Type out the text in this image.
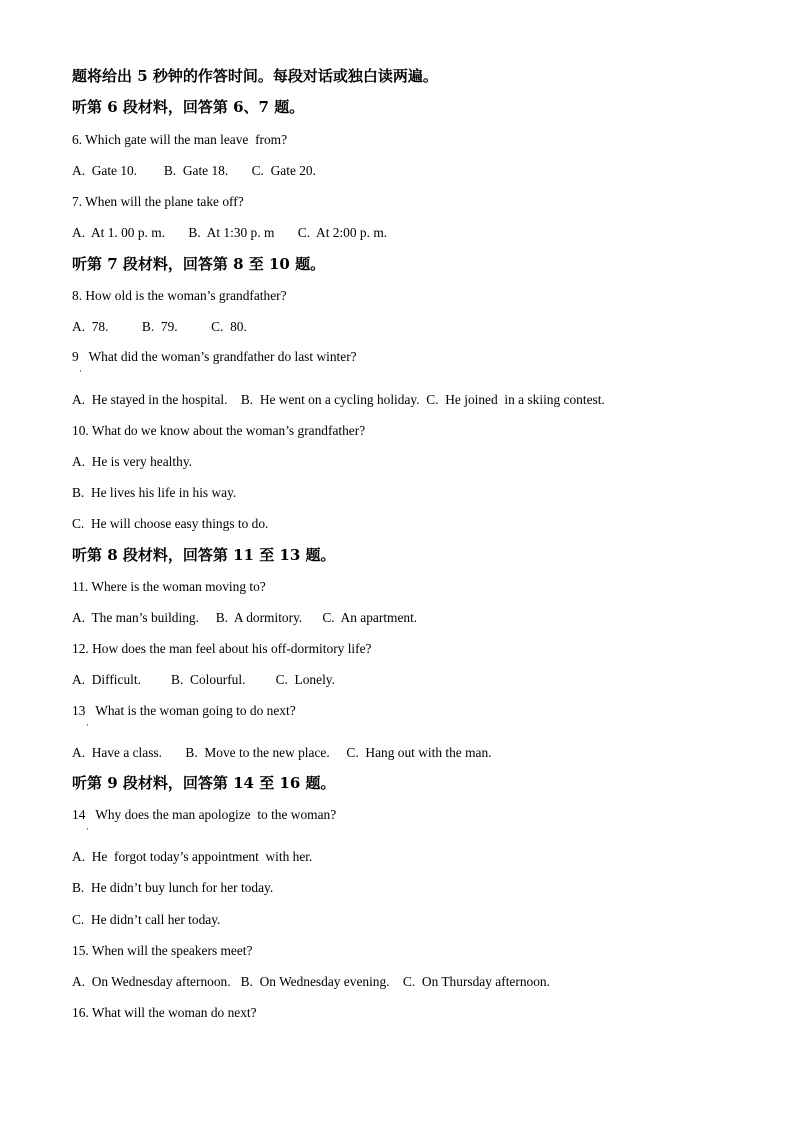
题将给出 5 秒钟的作答时间。每段对话或独白读两遍。
听第 6 段材料，回答第 6、7 题。
6. Which gate will the man leave  from?
A.  Gate 10.        B.  Gate 18.       C.  Gate 20.
7. When will the plane take off?
A.  At 1. 00 p. m.       B.  At 1:30 p. m       C.  At 2:00 p. m.
听第 7 段材料，回答第 8 至 10 题。
8. How old is the woman’s grandfather?
A.  78.          B.  79.          C.  80.
9   What did the woman’s grandfather do last winter?
·
A.  He stayed in the hospital.    B.  He went on a cycling holiday.  C.  He joined  in a skiing contest.
10. What do we know about the woman’s grandfather?
A.  He is very healthy.
B.  He lives his life in his way.
C.  He will choose easy things to do.
听第 8 段材料，回答第 11 至 13 题。
11. Where is the woman moving to?
A.  The man’s building.     B.  A dormitory.      C.  An apartment.
12. How does the man feel about his off-dormitory life?
A.  Difficult.         B.  Colourful.         C.  Lonely.
13   What is the woman going to do next?
·
A.  Have a class.       B.  Move to the new place.     C.  Hang out with the man.
听第 9 段材料，回答第 14 至 16 题。
14   Why does the man apologize  to the woman?
·
A.  He  forgot today’s appointment  with her.
B.  He didn’t buy lunch for her today.
C.  He didn’t call her today.
15. When will the speakers meet?
A.  On Wednesday afternoon.   B.  On Wednesday evening.    C.  On Thursday afternoon.
16. What will the woman do next?
